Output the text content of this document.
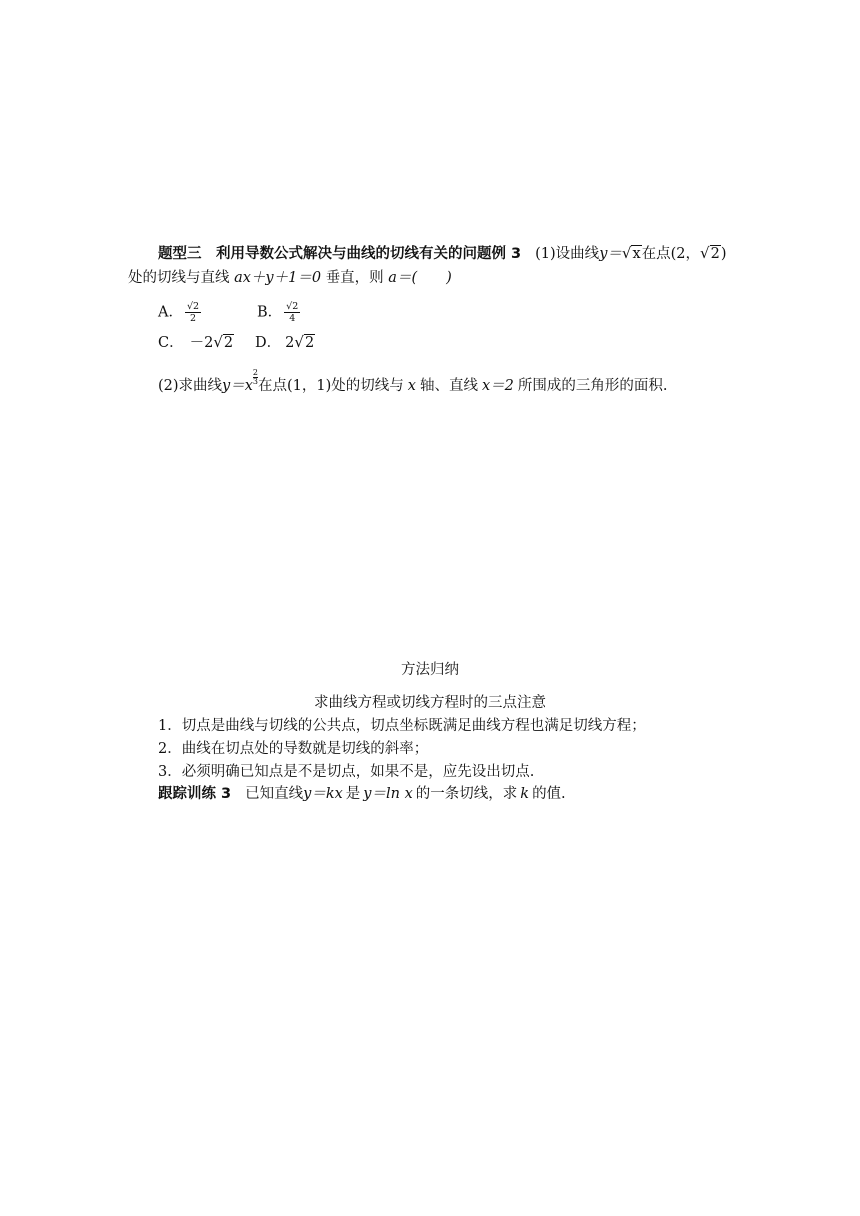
题型三　利用导数公式解决与曲线的切线有关的问题例 3 (1)设曲线y＝√x在点(2，√2)
处的切线与直线 ax＋y＋1＝0 垂直，则 a＝(　　)
A． $\frac{√2}{2}$	B． $\frac{√2}{4}$
C． －2√2 D． 2√2
(2)求曲线$y=x \frac{2}{3}$ 在点(1，1)处的切线与 x 轴、直线 x＝2 所围成的三角形的面积.
方法归纳
求曲线方程或切线方程时的三点注意
1．切点是曲线与切线的公共点，切点坐标既满足曲线方程也满足切线方程；
2．曲线在切点处的导数就是切线的斜率；
3．必须明确已知点是不是切点，如果不是，应先设出切点.
跟踪训练 3 已知直线y＝kx 是 y＝ln x 的一条切线，求 k 的值.
